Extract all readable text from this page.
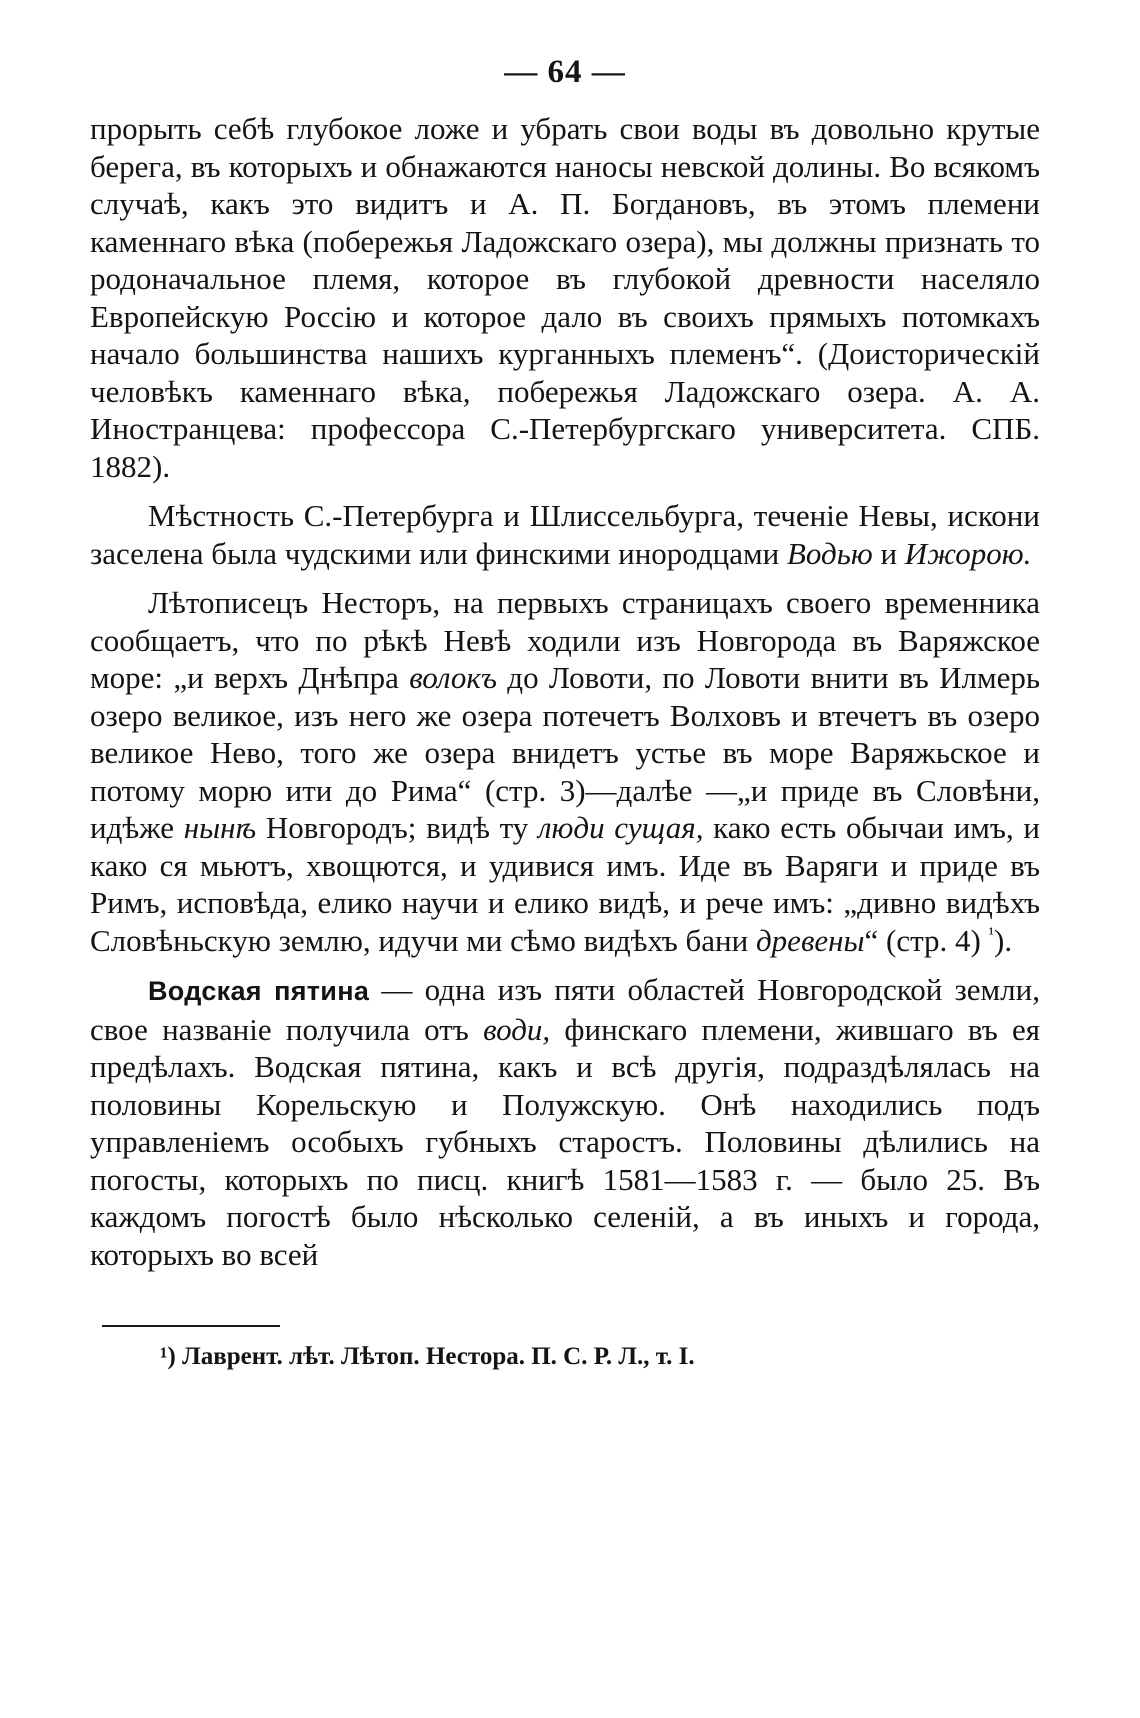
— 64 —

прорыть себѣ глубокое ложе и убрать свои воды въ довольно крутые берега, въ которыхъ и обнажаются наносы невской долины. Во всякомъ случаѣ, какъ это видитъ и А. П. Богдановъ, въ этомъ племени каменнаго вѣка (побережья Ладожскаго озера), мы должны признать то родоначальное племя, которое въ глубокой древности населяло Европейскую Россію и которое дало въ своихъ прямыхъ потомкахъ начало большинства нашихъ курганныхъ племенъ“. (Доисторическій человѣкъ каменнаго вѣка, побережья Ладожскаго озера. А. А. Иностранцева: профессора С.-Петербургскаго университета. СПБ. 1882).

Мѣстность С.-Петербурга и Шлиссельбурга, теченіе Невы, искони заселена была чудскими или финскими инородцами Водью и Ижорою.

Лѣтописецъ Несторъ, на первыхъ страницахъ своего временника сообщаетъ, что по рѣкѣ Невѣ ходили изъ Новгорода въ Варяжское море: „и верхъ Днѣпра волокъ до Ловоти, по Ловоти внити въ Илмерь озеро великое, изъ него же озера потечетъ Волховъ и втечетъ въ озеро великое Нево, того же озера внидетъ устье въ море Варяжьское и потому морю ити до Рима“ (стр. 3)—далѣе —„и приде въ Словѣни, идѣже нынѣ Новгородъ; видѣ ту люди сущая, како есть обычаи имъ, и како ся мьютъ, хвощются, и удивися имъ. Иде въ Варяги и приде въ Римъ, исповѣда, елико научи и елико видѣ, и рече имъ: „дивно видѣхъ Словѣньскую землю, идучи ми сѣмо видѣхъ бани древены“ (стр. 4) $^{^1}$).

Водская пятина — одна изъ пяти областей Новгородской земли, свое названіе получила отъ води, финскаго племени, жившаго въ ея предѣлахъ. Водская пятина, какъ и всѣ другія, подраздѣлялась на половины Корельскую и Полужскую. Онѣ находились подъ управленіемъ особыхъ губныхъ старостъ. Половины дѣлились на погосты, которыхъ по писц. книгѣ 1581—1583 г. — было 25. Въ каждомъ погостѣ было нѣсколько селеній, а въ иныхъ и города, которыхъ во всей

¹) Лаврент. лѣт. Лѣтоп. Нестора. П. С. Р. Л., т. I.
